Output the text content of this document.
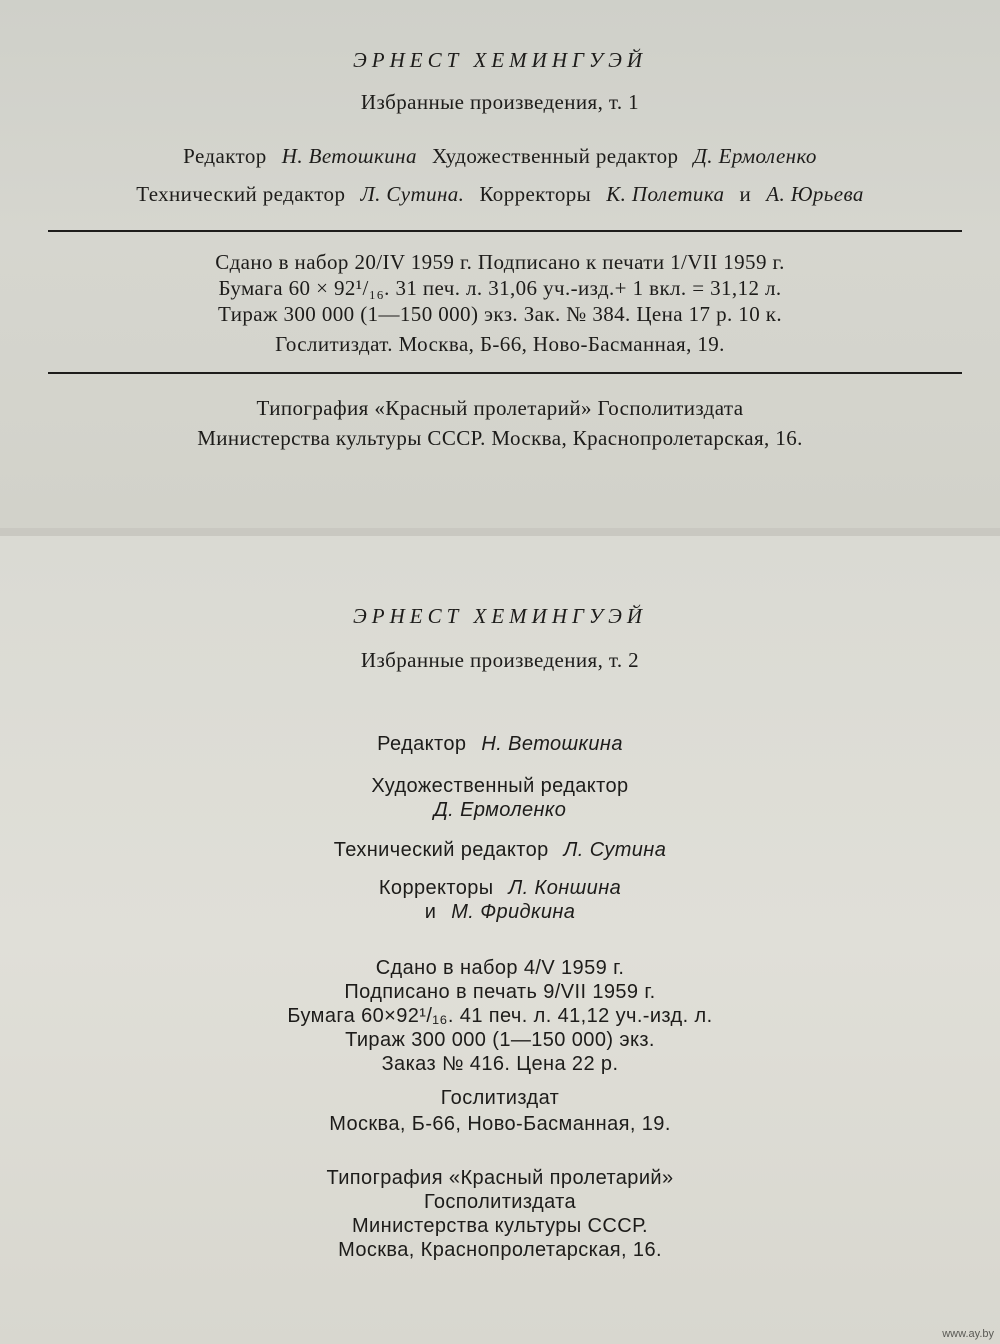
ЭРНЕСТ ХЕМИНГУЭЙ
Избранные произведения, т. 1
Редактор Н. Ветошкина Художественный редактор Д. Ермоленко
Технический редактор Л. Сутина. Корректоры К. Полетика и А. Юрьева
Сдано в набор 20/IV 1959 г. Подписано к печати 1/VII 1959 г.
Бумага 60 × 92¹/₁₆. 31 печ. л. 31,06 уч.-изд.+ 1 вкл. = 31,12 л.
Тираж 300 000 (1—150 000) экз. Зак. № 384. Цена 17 р. 10 к.
Гослитиздат. Москва, Б-66, Ново-Басманная, 19.
Типография «Красный пролетарий» Госполитиздата
Министерства культуры СССР. Москва, Краснопролетарская, 16.
ЭРНЕСТ ХЕМИНГУЭЙ
Избранные произведения, т. 2
Редактор Н. Ветошкина
Художественный редактор
Д. Ермоленко
Технический редактор Л. Сутина
Корректоры Л. Коншина
и М. Фридкина
Сдано в набор 4/V 1959 г.
Подписано в печать 9/VII 1959 г.
Бумага 60×92¹/₁₆. 41 печ. л. 41,12 уч.-изд. л.
Тираж 300 000 (1—150 000) экз.
Заказ № 416. Цена 22 р.
Гослитиздат
Москва, Б-66, Ново-Басманная, 19.
Типография «Красный пролетарий»
Госполитиздата
Министерства культуры СССР.
Москва, Краснопролетарская, 16.
www.ay.by
